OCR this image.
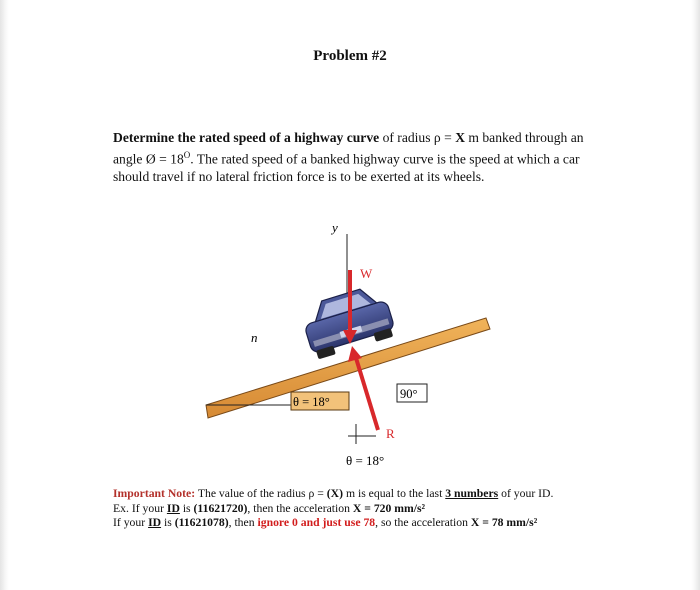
Problem #2
Determine the rated speed of a highway curve of radius ρ = X m banked through an angle Ø = $18^O$. The rated speed of a banked highway curve is the speed at which a car should travel if no lateral friction force is to be exerted at its wheels.
y
n
W
R
θ = 18°
90°
θ = 18°
Important Note: The value of the radius ρ = (X) m is equal to the last 3 numbers of your ID.
Ex. If your ID is (11621720), then the acceleration X = 720 mm/s²
If your ID is (11621078), then ignore 0 and just use 78, so the acceleration X = 78 mm/s²
